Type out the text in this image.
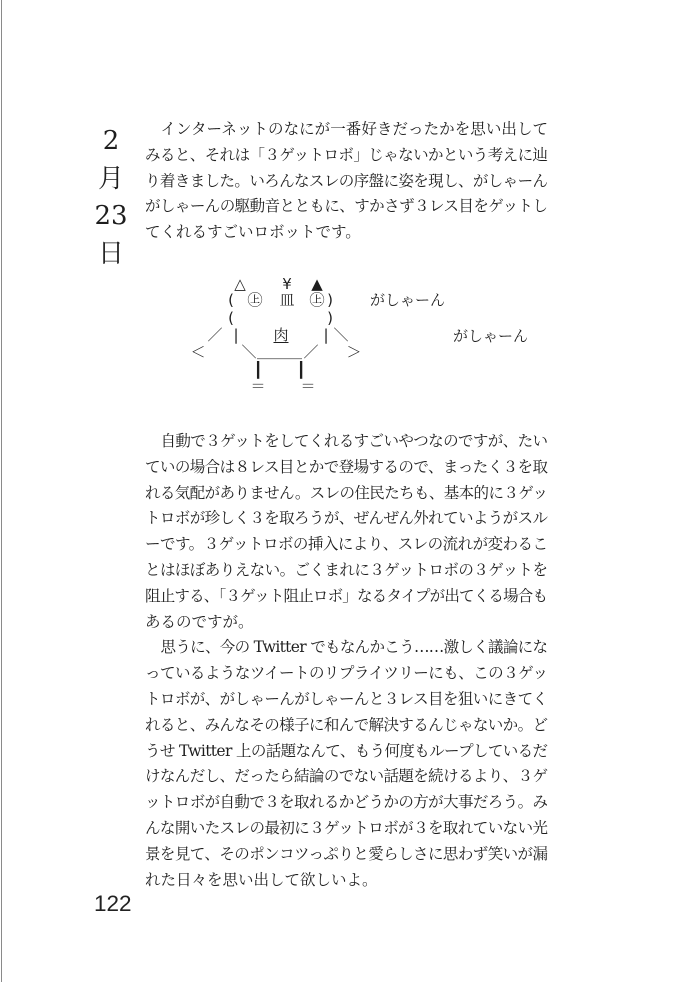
2
月
23
日
インターネットのなにが一番好きだったかを思い出して
みると、それは「３ゲットロボ」じゃないかという考えに辿
り着きました。いろんなスレの序盤に姿を現し、がしゃーん
がしゃーんの駆動音とともに、すかさず３レス目をゲットし
てくれるすごいロボットです。
△ ¥ ▲
( ㊤ 皿 ㊤ )
(	)
／ |	肉	| ＼
＜ ＼ ＿＿＿ ／ ＞
┃ ┃
＝ ＝
がしゃーん
がしゃーん
自動で３ゲットをしてくれるすごいやつなのですが、たい
ていの場合は８レス目とかで登場するので、まったく３を取
れる気配がありません。スレの住民たちも、基本的に３ゲッ
トロボが珍しく３を取ろうが、ぜんぜん外れていようがスル
ーです。３ゲットロボの挿入により、スレの流れが変わるこ
とはほぼありえない。ごくまれに３ゲットロボの３ゲットを
阻止する、「３ゲット阻止ロボ」なるタイプが出てくる場合も
あるのですが。
思うに、今の Twitter でもなんかこう……激しく議論にな
っているようなツイートのリプライツリーにも、この３ゲッ
トロボが、がしゃーんがしゃーんと３レス目を狙いにきてく
れると、みんなその様子に和んで解決するんじゃないか。ど
うせ Twitter 上の話題なんて、もう何度もループしているだ
けなんだし、だったら結論のでない話題を続けるより、３ゲ
ットロボが自動で３を取れるかどうかの方が大事だろう。み
んな開いたスレの最初に３ゲットロボが３を取れていない光
景を見て、そのポンコツっぷりと愛らしさに思わず笑いが漏
れた日々を思い出して欲しいよ。
122
